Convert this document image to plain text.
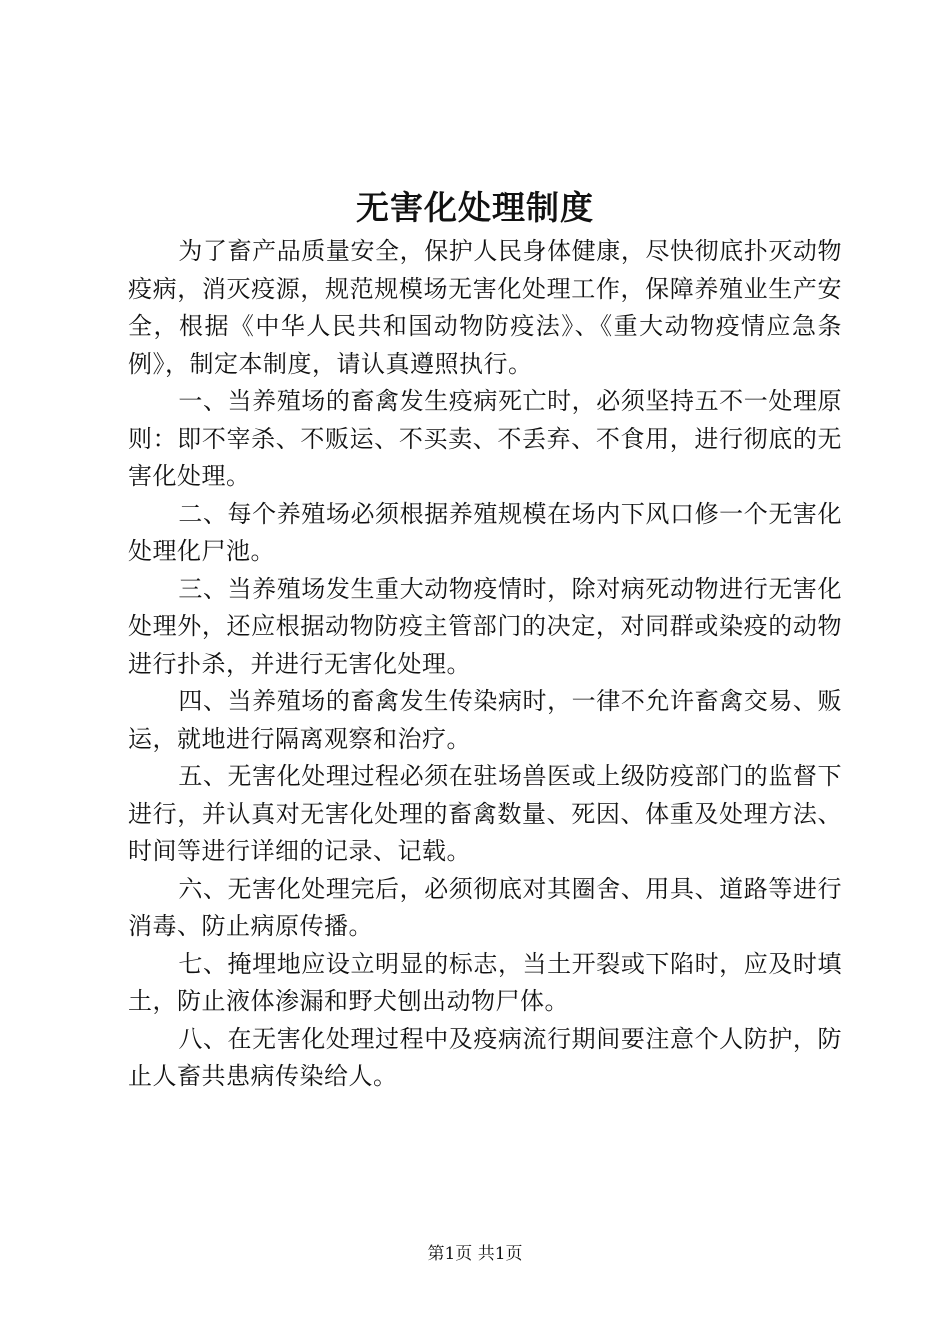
无害化处理制度

为了畜产品质量安全，保护人民身体健康，尽快彻底扑灭动物疫病，消灭疫源，规范规模场无害化处理工作，保障养殖业生产安全，根据《中华人民共和国动物防疫法》、《重大动物疫情应急条例》，制定本制度，请认真遵照执行。

一、当养殖场的畜禽发生疫病死亡时，必须坚持五不一处理原则：即不宰杀、不贩运、不买卖、不丢弃、不食用，进行彻底的无害化处理。

二、每个养殖场必须根据养殖规模在场内下风口修一个无害化处理化尸池。

三、当养殖场发生重大动物疫情时，除对病死动物进行无害化处理外，还应根据动物防疫主管部门的决定，对同群或染疫的动物进行扑杀，并进行无害化处理。

四、当养殖场的畜禽发生传染病时，一律不允许畜禽交易、贩运，就地进行隔离观察和治疗。

五、无害化处理过程必须在驻场兽医或上级防疫部门的监督下进行，并认真对无害化处理的畜禽数量、死因、体重及处理方法、时间等进行详细的记录、记载。

六、无害化处理完后，必须彻底对其圈舍、用具、道路等进行消毒、防止病原传播。

七、掩埋地应设立明显的标志，当土开裂或下陷时，应及时填土，防止液体渗漏和野犬刨出动物尸体。

八、在无害化处理过程中及疫病流行期间要注意个人防护，防止人畜共患病传染给人。

第1页 共1页
